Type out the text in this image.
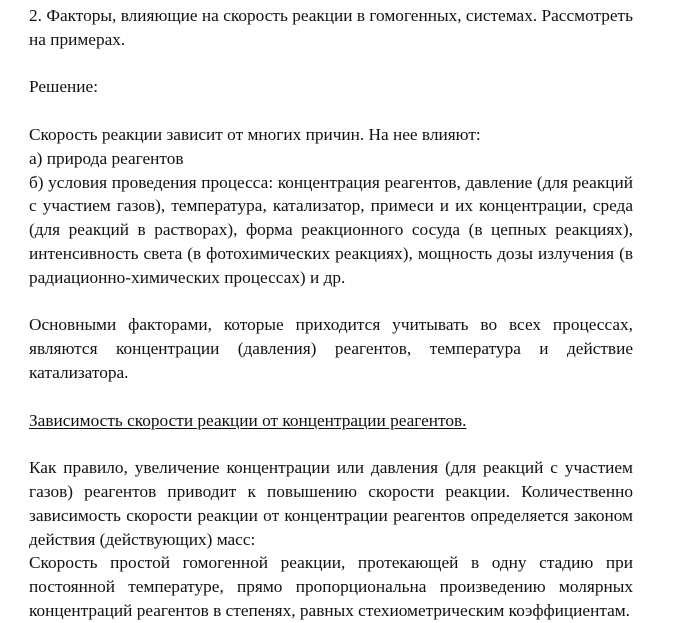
2. Факторы, влияющие на скорость реакции в гомогенных, системах. Рассмотреть на примерах.

Решение:

Скорость реакции зависит от многих причин. На нее влияют:

а) природа реагентов

б) условия проведения процесса: концентрация реагентов, давление (для реакций с участием газов), температура, катализатор, примеси и их концентрации, среда (для реакций в растворах), форма реакционного сосуда (в цепных реакциях), интенсивность света (в фотохимических реакциях), мощность дозы излучения (в радиационно-химических процессах) и др.

Основными факторами, которые приходится учитывать во всех процессах, являются концентрации (давления) реагентов, температура и действие катализатора.

Зависимость скорости реакции от концентрации реагентов.

Как правило, увеличение концентрации или давления (для реакций с участием газов) реагентов приводит к повышению скорости реакции. Количественно зависимость скорости реакции от концентрации реагентов определяется законом действия (действующих) масс:

Скорость простой гомогенной реакции, протекающей в одну стадию при постоянной температуре, прямо пропорциональна произведению молярных концентраций реагентов в степенях, равных стехиометрическим коэффициентам.
